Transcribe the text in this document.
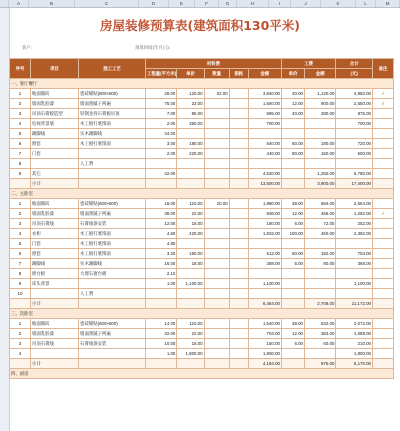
A	B	C	D	E	F	G	H	I	J	K	L	M
房屋装修预算表(建筑面积130平米)
客户：	预算时间(年月日)：
序号	项目	施工工艺	材料费					工费		合计	备注
			工程量(平方米)	单价	数量	损耗	金额	单价	金额	(元)	
一、客厅餐厅											
1	地面铺砖	瓷砖铺贴(800×800)	28.00	120.00	32.00		3,840.00	40.00	1,120.00	4,960.00	√
2	墙面乳胶漆	墙面刮腻子两遍	75.00	22.00			1,650.00	12.00	900.00	2,550.00	√
3	吊顶石膏板造型	轻钢龙骨石膏板吊顶	7.00	85.00			595.00	40.00	280.00	875.00	
4	电视背景墙	木工板打底饰面	2.00	350.00			700.00			700.00	
5	踢脚线	实木踢脚线	34.00								
6	窗套	木工板打底饰面	3.00	180.00			540.00	60.00	180.00	720.00	
7	门套		2.00	220.00			440.00	80.00	160.00	600.00	
8		人工费									
9	其它		42.00				4,520.00		1,260.00	5,780.00	
	小计						13,500.00		3,900.00	17,400.00	
二、主卧室											
1	地面铺砖	瓷砖铺贴(600×600)	18.00	110.00	20.00		1,980.00	38.00	684.00	2,664.00	
2	墙面乳胶漆	墙面刮腻子两遍	38.00	22.00			836.00	12.00	456.00	1,292.00	√
3	吊顶石膏线	石膏线条安装	12.00	15.00			180.00	6.00	72.00	252.00	
4	衣柜	木工板打底饰面	4.60	420.00			1,932.00	100.00	460.00	2,392.00	
5	门套	木工板打底饰面	4.80								
6	窗套	木工板打底饰面	3.20	160.00			512.00	60.00	192.00	704.00	
7	踢脚线	实木踢脚线	16.00	18.00			288.00	5.00	80.00	368.00	
8	窗台板	大理石窗台板	2.10								
9	床头背景		1.00	1,100.00			1,100.00			1,100.00	
10		人工费									
	小计						6,464.00		2,708.00	11,172.00	
三、次卧室											
1	地面铺砖	瓷砖铺贴(600×600)	14.00	110.00			1,540.00	38.00	532.00	2,072.00	
2	墙面乳胶漆	墙面刮腻子两遍	32.00	22.00			704.00	12.00	384.00	1,088.00	
3	吊顶石膏线	石膏线条安装	10.00	15.00			150.00	6.00	60.00	210.00	
4			1.00	1,800.00			1,800.00			1,800.00	
	小计						4,194.00		976.00	5,170.00	
四、厨房											
